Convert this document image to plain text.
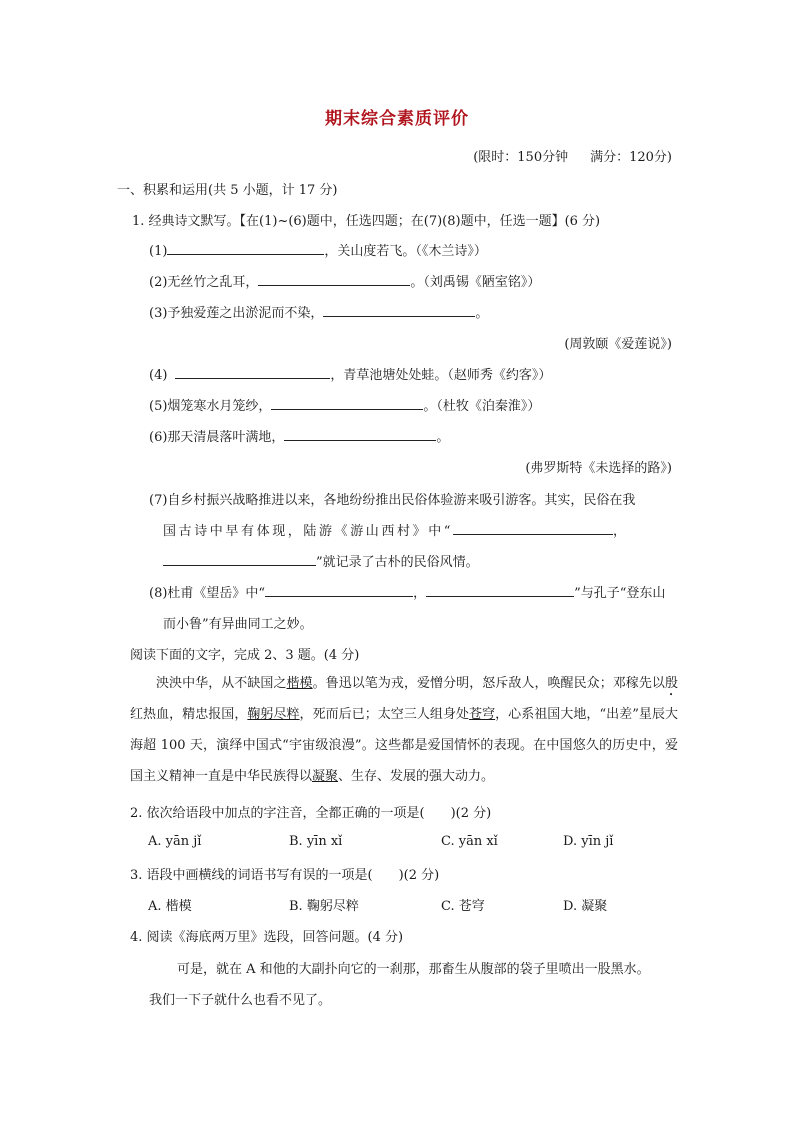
期末综合素质评价
(限时：150分钟 满分：120分)
一、积累和运用(共 5 小题，计 17 分)
1. 经典诗文默写。【在(1)~(6)题中，任选四题；在(7)(8)题中，任选一题】(6 分)
(1)	，关山度若飞。（《木兰诗》）
(2)无丝竹之乱耳，	。（刘禹锡《陋室铭》）
(3)予独爱莲之出淤泥而不染，	。
(周敦颐《爱莲说》)
(4)	，青草池塘处处蛙。（赵师秀《约客》）
(5)烟笼寒水月笼纱，	。（杜牧《泊秦淮》）
(6)那天清晨落叶满地，	。
(弗罗斯特《未选择的路》)
(7)自乡村振兴战略推进以来，各地纷纷推出民俗体验游来吸引游客。其实，民俗在我
国古诗中早有体现，陆游《游山西村》中“	，
”就记录了古朴的民俗风情。
(8)杜甫《望岳》中“	，	”与孔子“登东山
而小鲁”有异曲同工之妙。
阅读下面的文字，完成 2、3 题。(4 分)
泱泱中华，从不缺国之楷模。鲁迅以笔为戎，爱憎分明，怒斥敌人，唤醒民众；邓稼先以殷红热血，精忠报国，鞠躬尽粹，死而后已；太空三人组身处苍穹，心系祖国大地，“出差”星辰大海超 100 天，演绎中国式“宇宙级浪漫”。这些都是爱国情怀的表现。在中国悠久的历史中，爱国主义精神一直是中华民族得以凝聚、生存、发展的强大动力。
2. 依次给语段中加点的字注音，全都正确的一项是(　　)(2 分)
A. yān jǐ	B. yīn xǐ	C. yān xǐ	D. yīn jǐ
3. 语段中画横线的词语书写有误的一项是(　　)(2 分)
A. 楷模	B. 鞠躬尽粹	C. 苍穹	D. 凝聚
4. 阅读《海底两万里》选段，回答问题。(4 分)
可是，就在 A 和他的大副扑向它的一刹那，那畜生从腹部的袋子里喷出一股黑水。
我们一下子就什么也看不见了。
